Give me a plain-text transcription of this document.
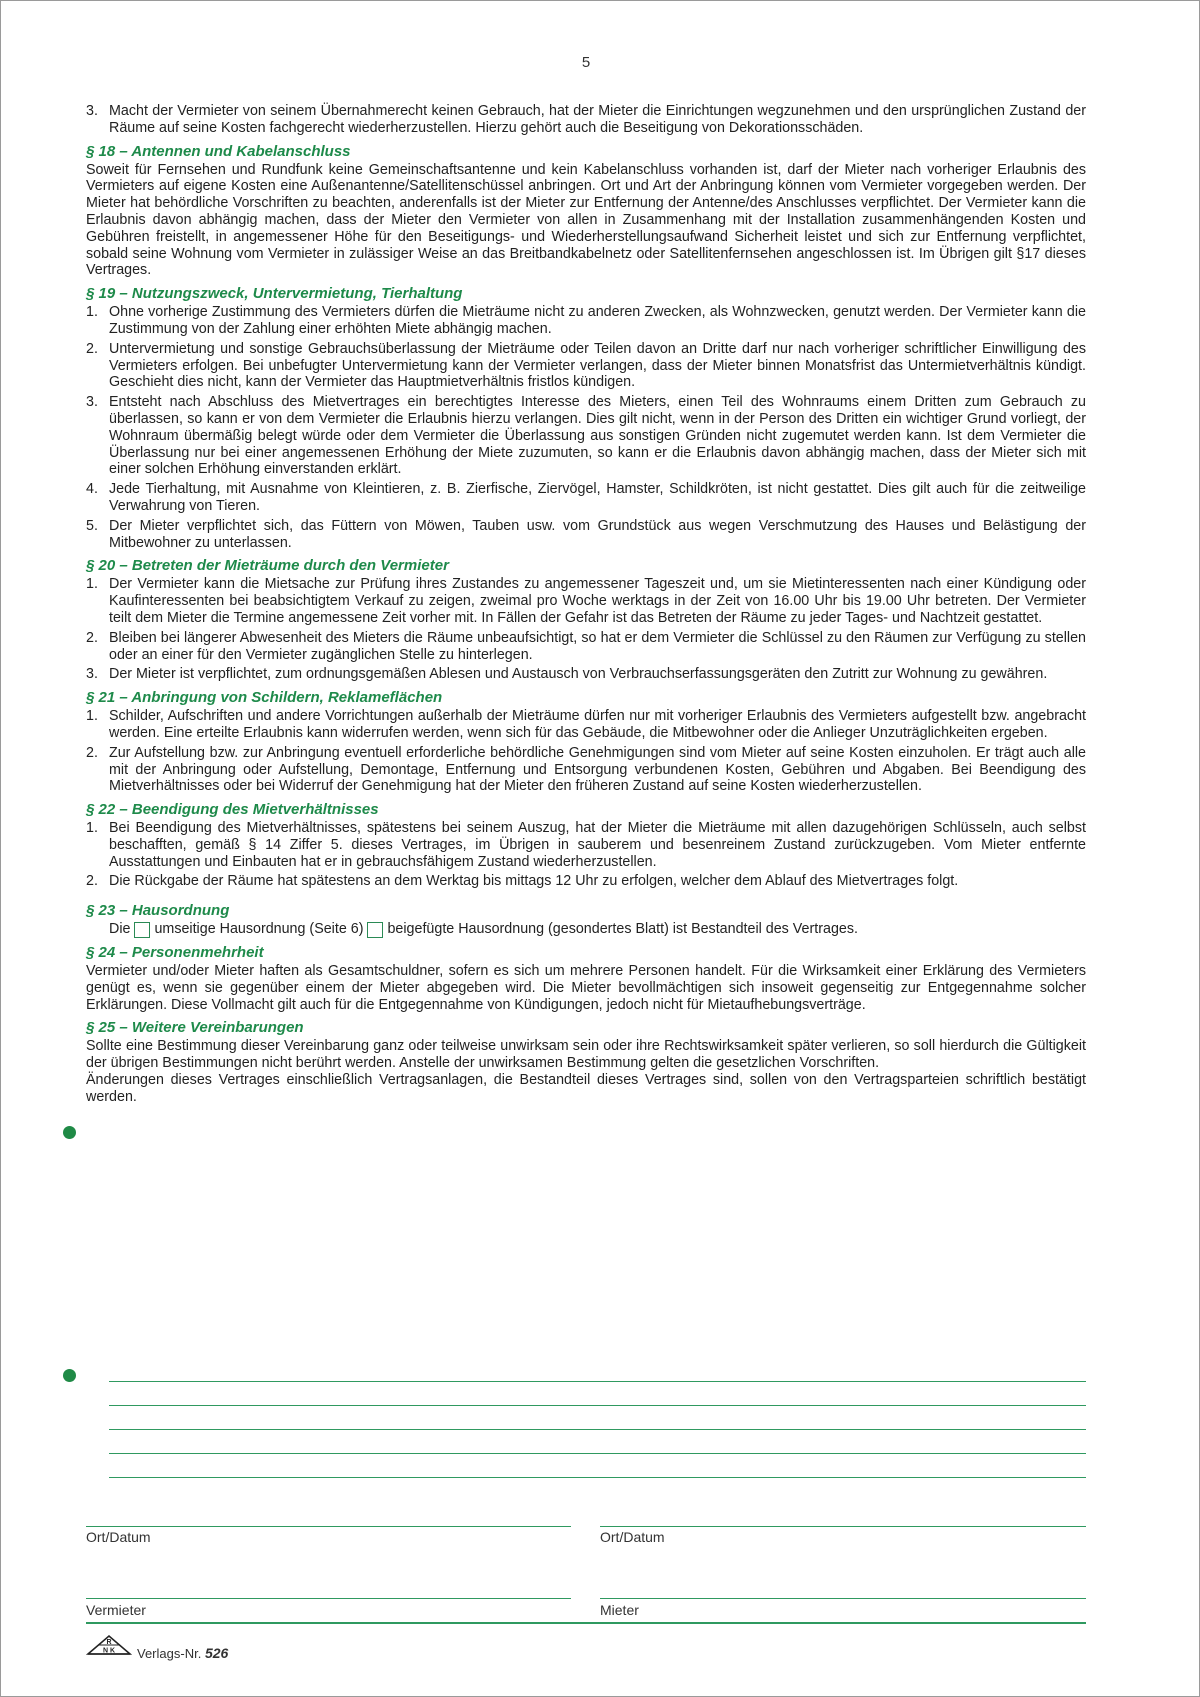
5
3. Macht der Vermieter von seinem Übernahmerecht keinen Gebrauch, hat der Mieter die Einrichtungen wegzunehmen und den ursprünglichen Zustand der Räume auf seine Kosten fachgerecht wiederherzustellen. Hierzu gehört auch die Beseitigung von Dekorationsschäden.

§ 18 – Antennen und Kabelanschluss

Soweit für Fernsehen und Rundfunk keine Gemeinschaftsantenne und kein Kabelanschluss vorhanden ist, darf der Mieter nach vorheriger Erlaubnis des Vermieters auf eigene Kosten eine Außenantenne/Satellitenschüssel anbringen. Ort und Art der Anbringung können vom Vermieter vorgegeben werden. Der Mieter hat behördliche Vorschriften zu beachten, anderenfalls ist der Mieter zur Entfernung der Antenne/des Anschlusses verpflichtet. Der Vermieter kann die Erlaubnis davon abhängig machen, dass der Mieter den Vermieter von allen in Zusammenhang mit der Installation zusammenhängenden Kosten und Gebühren freistellt, in angemessener Höhe für den Beseitigungs- und Wiederherstellungsaufwand Sicherheit leistet und sich zur Entfernung verpflichtet, sobald seine Wohnung vom Vermieter in zulässiger Weise an das Breitbandkabelnetz oder Satellitenfernsehen angeschlossen ist. Im Übrigen gilt §17 dieses Vertrages.

§ 19 – Nutzungszweck, Untervermietung, Tierhaltung
1. Ohne vorherige Zustimmung des Vermieters dürfen die Mieträume nicht zu anderen Zwecken, als Wohnzwecken, genutzt werden. Der Vermieter kann die Zustimmung von der Zahlung einer erhöhten Miete abhängig machen.

2. Untervermietung und sonstige Gebrauchsüberlassung der Mieträume oder Teilen davon an Dritte darf nur nach vorheriger schriftlicher Einwilligung des Vermieters erfolgen. Bei unbefugter Untervermietung kann der Vermieter verlangen, dass der Mieter binnen Monatsfrist das Untermietverhältnis kündigt. Geschieht dies nicht, kann der Vermieter das Hauptmietverhältnis fristlos kündigen.

3. Entsteht nach Abschluss des Mietvertrages ein berechtigtes Interesse des Mieters, einen Teil des Wohnraums einem Dritten zum Gebrauch zu überlassen, so kann er von dem Vermieter die Erlaubnis hierzu verlangen. Dies gilt nicht, wenn in der Person des Dritten ein wichtiger Grund vorliegt, der Wohnraum übermäßig belegt würde oder dem Vermieter die Überlassung aus sonstigen Gründen nicht zugemutet werden kann. Ist dem Vermieter die Überlassung nur bei einer angemessenen Erhöhung der Miete zuzumuten, so kann er die Erlaubnis davon abhängig machen, dass der Mieter sich mit einer solchen Erhöhung einverstanden erklärt.

4. Jede Tierhaltung, mit Ausnahme von Kleintieren, z. B. Zierfische, Ziervögel, Hamster, Schildkröten, ist nicht gestattet. Dies gilt auch für die zeitweilige Verwahrung von Tieren.

5. Der Mieter verpflichtet sich, das Füttern von Möwen, Tauben usw. vom Grundstück aus wegen Verschmutzung des Hauses und Belästigung der Mitbewohner zu unterlassen.

§ 20 – Betreten der Mieträume durch den Vermieter
1. Der Vermieter kann die Mietsache zur Prüfung ihres Zustandes zu angemessener Tageszeit und, um sie Mietinteressenten nach einer Kündigung oder Kaufinteressenten bei beabsichtigtem Verkauf zu zeigen, zweimal pro Woche werktags in der Zeit von 16.00 Uhr bis 19.00 Uhr betreten. Der Vermieter teilt dem Mieter die Termine angemessene Zeit vorher mit. In Fällen der Gefahr ist das Betreten der Räume zu jeder Tages- und Nachtzeit gestattet.

2. Bleiben bei längerer Abwesenheit des Mieters die Räume unbeaufsichtigt, so hat er dem Vermieter die Schlüssel zu den Räumen zur Verfügung zu stellen oder an einer für den Vermieter zugänglichen Stelle zu hinterlegen.

3. Der Mieter ist verpflichtet, zum ordnungsgemäßen Ablesen und Austausch von Verbrauchserfassungsgeräten den Zutritt zur Wohnung zu gewähren.

§ 21 – Anbringung von Schildern, Reklameflächen
1. Schilder, Aufschriften und andere Vorrichtungen außerhalb der Mieträume dürfen nur mit vorheriger Erlaubnis des Vermieters aufgestellt bzw. angebracht werden. Eine erteilte Erlaubnis kann widerrufen werden, wenn sich für das Gebäude, die Mitbewohner oder die Anlieger Unzuträglichkeiten ergeben.

2. Zur Aufstellung bzw. zur Anbringung eventuell erforderliche behördliche Genehmigungen sind vom Mieter auf seine Kosten einzuholen. Er trägt auch alle mit der Anbringung oder Aufstellung, Demontage, Entfernung und Entsorgung verbundenen Kosten, Gebühren und Abgaben. Bei Beendigung des Mietverhältnisses oder bei Widerruf der Genehmigung hat der Mieter den früheren Zustand auf seine Kosten wiederherzustellen.

§ 22 – Beendigung des Mietverhältnisses
1. Bei Beendigung des Mietverhältnisses, spätestens bei seinem Auszug, hat der Mieter die Mieträume mit allen dazugehörigen Schlüsseln, auch selbst beschafften, gemäß § 14 Ziffer 5. dieses Vertrages, im Übrigen in sauberem und besenreinem Zustand zurückzugeben. Vom Mieter entfernte Ausstattungen und Einbauten hat er in gebrauchsfähigem Zustand wiederherzustellen.

2. Die Rückgabe der Räume hat spätestens an dem Werktag bis mittags 12 Uhr zu erfolgen, welcher dem Ablauf des Mietvertrages folgt.

§ 23 – Hausordnung
Die umseitige Hausordnung (Seite 6) beigefügte Hausordnung (gesondertes Blatt) ist Bestandteil des Vertrages.
§ 24 – Personenmehrheit

Vermieter und/oder Mieter haften als Gesamtschuldner, sofern es sich um mehrere Personen handelt. Für die Wirksamkeit einer Erklärung des Vermieters genügt es, wenn sie gegenüber einem der Mieter abgegeben wird. Die Mieter bevollmächtigen sich insoweit gegenseitig zur Entgegennahme solcher Erklärungen. Diese Vollmacht gilt auch für die Entgegennahme von Kündigungen, jedoch nicht für Mietaufhebungsverträge.

§ 25 – Weitere Vereinbarungen

Sollte eine Bestimmung dieser Vereinbarung ganz oder teilweise unwirksam sein oder ihre Rechtswirksamkeit später verlieren, so soll hierdurch die Gültigkeit der übrigen Bestimmungen nicht berührt werden. Anstelle der unwirksamen Bestimmung gelten die gesetzlichen Vorschriften.

Änderungen dieses Vertrages einschließlich Vertragsanlagen, die Bestandteil dieses Vertrages sind, sollen von den Vertragsparteien schriftlich bestätigt werden.

Ort/Datum	Ort/Datum
Vermieter	Mieter
R
N K Verlags-Nr. 526
